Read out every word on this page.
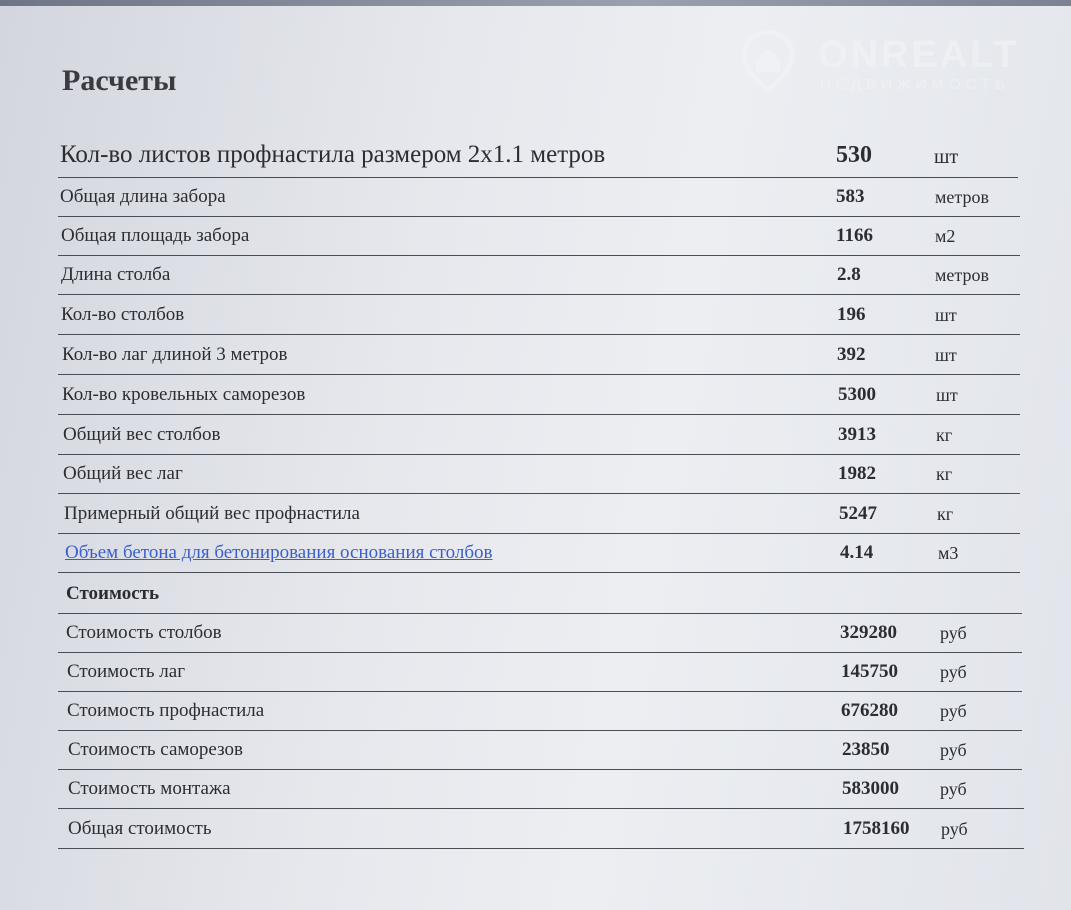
ONREALT
НЕДВИЖИМОСТЬ
Расчеты
Кол-во листов профнастила размером 2х1.1 метров	530	шт
Общая длина забора	583	метров
Общая площадь забора	1166	м2
Длина столба	2.8	метров
Кол-во столбов	196	шт
Кол-во лаг длиной 3 метров	392	шт
Кол-во кровельных саморезов	5300	шт
Общий вес столбов	3913	кг
Общий вес лаг	1982	кг
Примерный общий вес профнастила	5247	кг
Объем бетона для бетонирования основания столбов	4.14	м3
Стоимость
Стоимость столбов	329280 руб
Стоимость лаг	145750 руб
Стоимость профнастила	676280 руб
Стоимость саморезов	23850	руб
Стоимость монтажа	583000 руб
Общая стоимость	1758160 руб
